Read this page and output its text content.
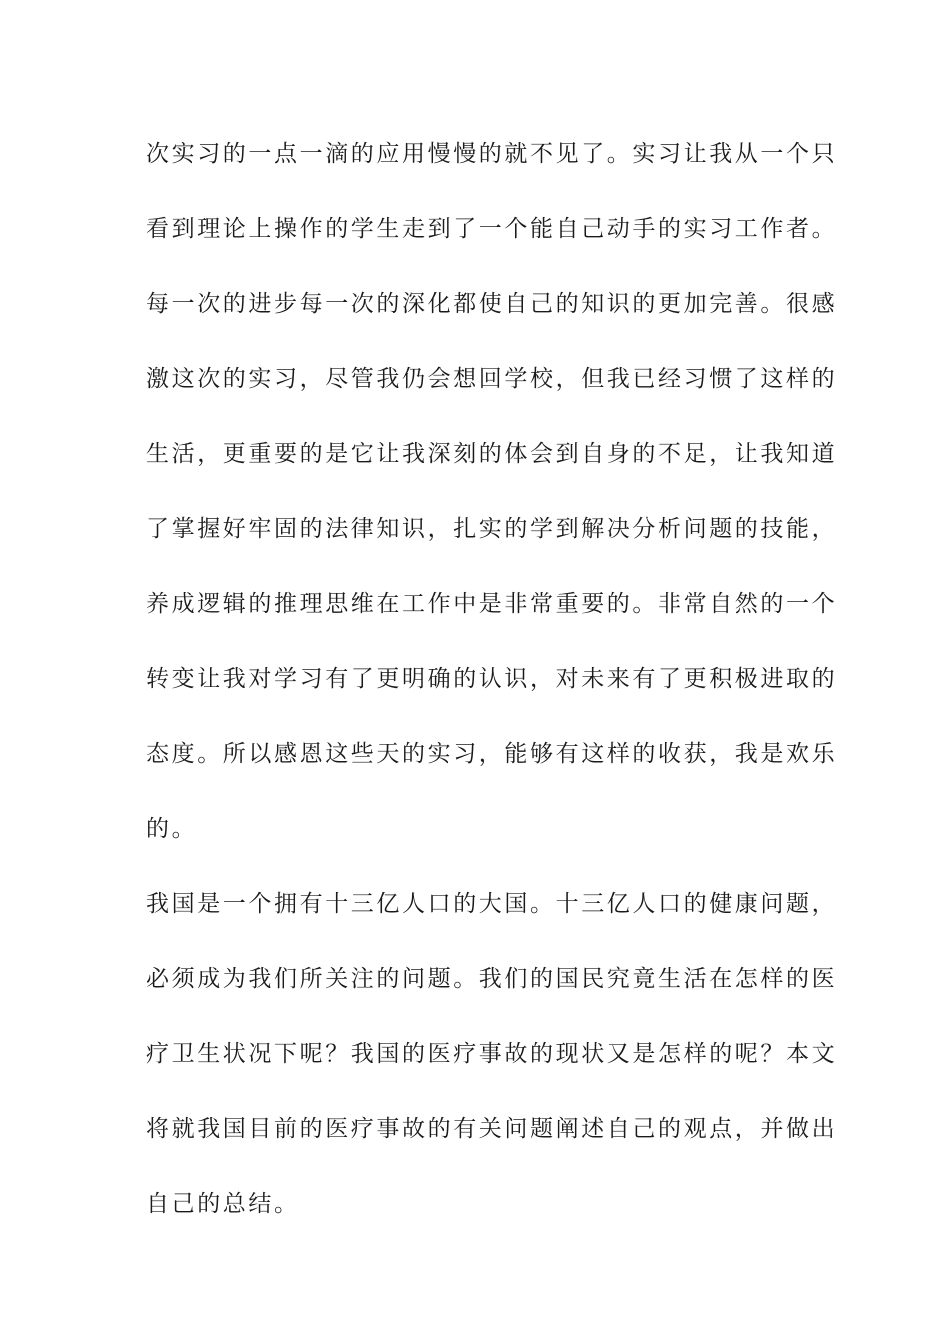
次实习的一点一滴的应用慢慢的就不见了。实习让我从一个只
看到理论上操作的学生走到了一个能自己动手的实习工作者。
每一次的进步每一次的深化都使自己的知识的更加完善。很感
激这次的实习，尽管我仍会想回学校，但我已经习惯了这样的
生活，更重要的是它让我深刻的体会到自身的不足，让我知道
了掌握好牢固的法律知识，扎实的学到解决分析问题的技能，
养成逻辑的推理思维在工作中是非常重要的。非常自然的一个
转变让我对学习有了更明确的认识，对未来有了更积极进取的
态度。所以感恩这些天的实习，能够有这样的收获，我是欢乐
的。
我国是一个拥有十三亿人口的大国。十三亿人口的健康问题，
必须成为我们所关注的问题。我们的国民究竟生活在怎样的医
疗卫生状况下呢？我国的医疗事故的现状又是怎样的呢？本文
将就我国目前的医疗事故的有关问题阐述自己的观点，并做出
自己的总结。
